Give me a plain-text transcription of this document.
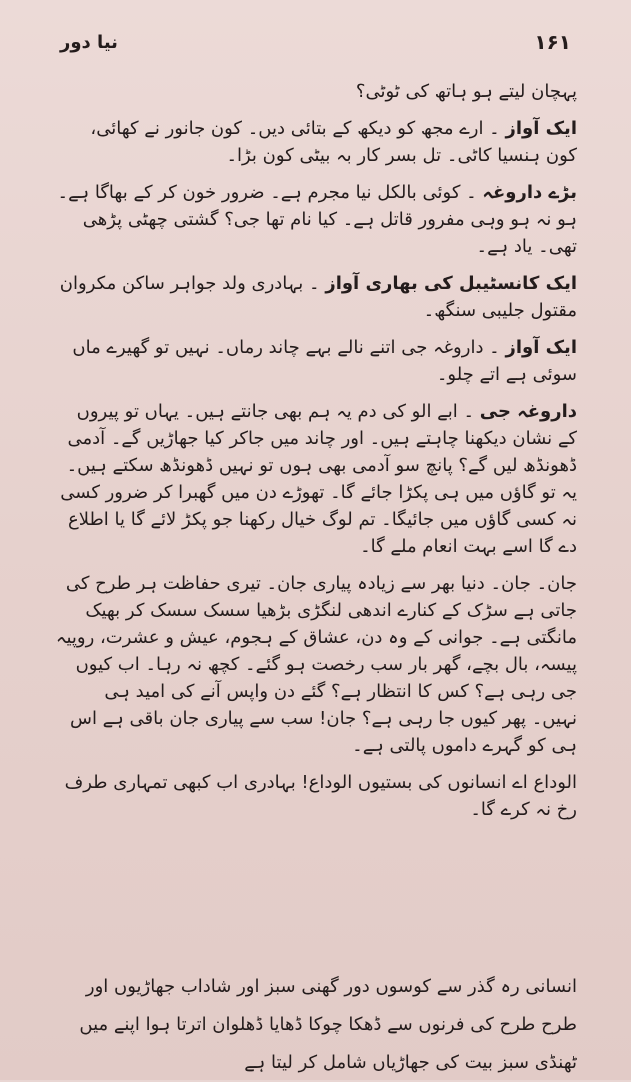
نیا دور	۱۶۱

پہچان لیتے ہو ہاتھ کی ٹوٹی؟

ایک آواز ۔ ارے مجھ کو دیکھ کے بتائی دیں۔ کون جانور نے کھائی، کون ہنسیا کاٹی۔ تل بسر کار بہ بیٹی کون بڑا۔

بڑے داروغہ ۔ کوئی بالکل نیا مجرم ہے۔ ضرور خون کر کے بھاگا ہے۔ ہو نہ ہو وہی مفرور قاتل ہے۔ کیا نام تھا جی؟ گشتی چھٹی پڑھی تھی۔ یاد ہے۔

ایک کانسٹیبل کی بھاری آواز ۔ بہادری ولد جواہر ساکن مکروان مقتول جلیبی سنگھ۔

ایک آواز ۔ داروغہ جی اتنے نالے بہے چاند رماں۔ نہیں تو گھیرے ماں سوئی ہے اتے چلو۔

داروغہ جی ۔ ابے الو کی دم یہ ہم بھی جانتے ہیں۔ یہاں تو پیروں کے نشان دیکھنا چاہتے ہیں۔ اور چاند میں جاکر کیا جھاڑیں گے۔ آدمی ڈھونڈھ لیں گے؟ پانچ سو آدمی بھی ہوں تو نہیں ڈھونڈھ سکتے ہیں۔ یہ تو گاؤں میں ہی پکڑا جائے گا۔ تھوڑے دن میں گھبرا کر ضرور کسی نہ کسی گاؤں میں جائیگا۔ تم لوگ خیال رکھنا جو پکڑ لائے گا یا اطلاع دے گا اسے بہت انعام ملے گا۔

جان۔ جان۔ دنیا بھر سے زیادہ پیاری جان۔ تیری حفاظت ہر طرح کی جاتی ہے سڑک کے کنارے اندھی لنگڑی بڑھیا سسک سسک کر بھیک مانگتی ہے۔ جوانی کے وہ دن، عشاق کے ہجوم، عیش و عشرت، روپیہ پیسہ، بال بچے، گھر بار سب رخصت ہو گئے۔ کچھ نہ رہا۔ اب کیوں جی رہی ہے؟ کس کا انتظار ہے؟ گئے دن واپس آنے کی امید ہی نہیں۔ پھر کیوں جا رہی ہے؟ جان! سب سے پیاری جان باقی ہے اس ہی کو گہرے داموں پالتی ہے۔

الوداع اے انسانوں کی بستیوں الوداع! بہادری اب کبھی تمہاری طرف رخ نہ کرے گا۔

انسانی رہ گذر سے کوسوں دور گھنی سبز اور شاداب جھاڑیوں اور طرح طرح کی فرنوں سے ڈھکا چوکا ڈھایا ڈھلوان اترتا ہوا اپنے میں ٹھنڈی سبز بیت کی جھاڑیاں شامل کر لیتا ہے
